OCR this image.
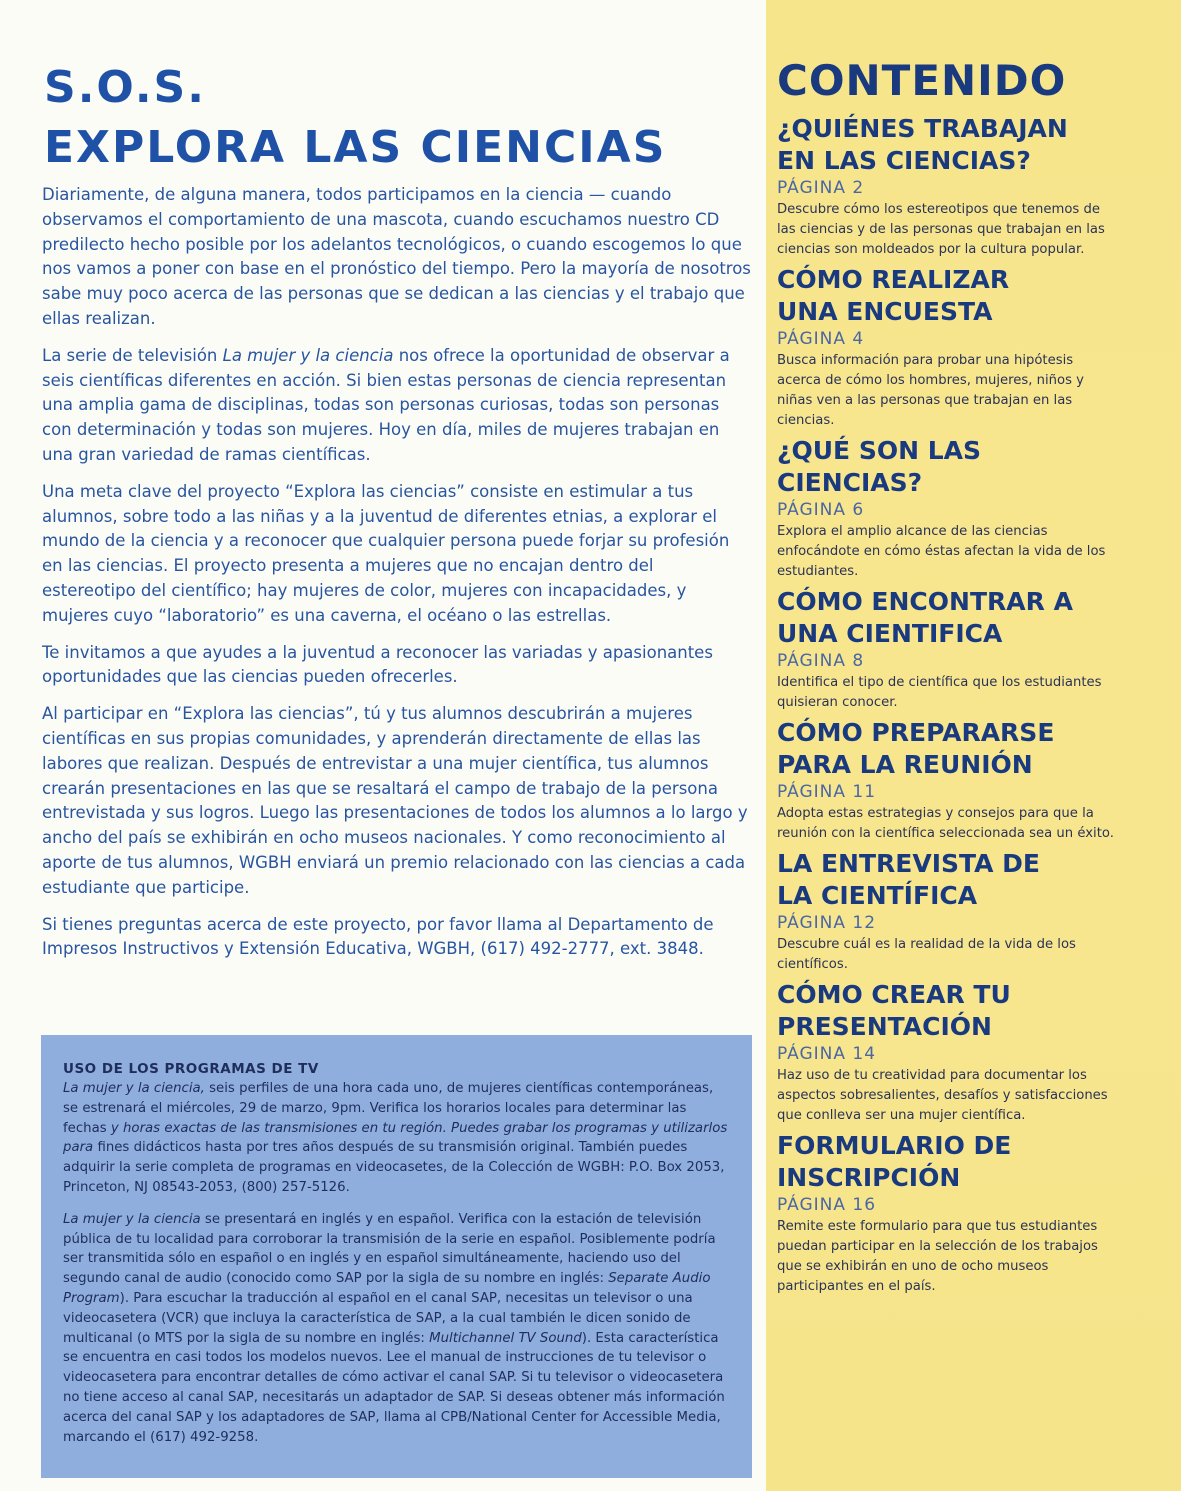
S.O.S.
EXPLORA LAS CIENCIAS

Diariamente, de alguna manera, todos participamos en la ciencia — cuando observamos el comportamiento de una mascota, cuando escuchamos nuestro CD predilecto hecho posible por los adelantos tecnológicos, o cuando escogemos lo que nos vamos a poner con base en el pronóstico del tiempo. Pero la mayoría de nosotros sabe muy poco acerca de las personas que se dedican a las ciencias y el trabajo que ellas realizan.

La serie de televisión La mujer y la ciencia nos ofrece la oportunidad de observar a seis científicas diferentes en acción. Si bien estas personas de ciencia representan una amplia gama de disciplinas, todas son personas curiosas, todas son personas con determinación y todas son mujeres. Hoy en día, miles de mujeres trabajan en una gran variedad de ramas científicas.

Una meta clave del proyecto “Explora las ciencias” consiste en estimular a tus alumnos, sobre todo a las niñas y a la juventud de diferentes etnias, a explorar el mundo de la ciencia y a reconocer que cualquier persona puede forjar su profesión en las ciencias. El proyecto presenta a mujeres que no encajan dentro del estereotipo del científico; hay mujeres de color, mujeres con incapacidades, y mujeres cuyo “laboratorio” es una caverna, el océano o las estrellas.

Te invitamos a que ayudes a la juventud a reconocer las variadas y apasionantes oportunidades que las ciencias pueden ofrecerles.

Al participar en “Explora las ciencias”, tú y tus alumnos descubrirán a mujeres científicas en sus propias comunidades, y aprenderán directamente de ellas las labores que realizan. Después de entrevistar a una mujer científica, tus alumnos crearán presentaciones en las que se resaltará el campo de trabajo de la persona entrevistada y sus logros. Luego las presentaciones de todos los alumnos a lo largo y ancho del país se exhibirán en ocho museos nacionales. Y como reconocimiento al aporte de tus alumnos, WGBH enviará un premio relacionado con las ciencias a cada estudiante que participe.

Si tienes preguntas acerca de este proyecto, por favor llama al Departamento de Impresos Instructivos y Extensión Educativa, WGBH, (617) 492-2777, ext. 3848.

USO DE LOS PROGRAMAS DE TV

La mujer y la ciencia, seis perfiles de una hora cada uno, de mujeres científicas contemporáneas, se estrenará el miércoles, 29 de marzo, 9pm. Verifica los horarios locales para determinar las fechas y horas exactas de las transmisiones en tu región. Puedes grabar los programas y utilizarlos para fines didácticos hasta por tres años después de su transmisión original. También puedes adquirir la serie completa de programas en videocasetes, de la Colección de WGBH: P.O. Box 2053, Princeton, NJ 08543-2053, (800) 257-5126.

La mujer y la ciencia se presentará en inglés y en español. Verifica con la estación de televisión pública de tu localidad para corroborar la transmisión de la serie en español. Posiblemente podría ser transmitida sólo en español o en inglés y en español simultáneamente, haciendo uso del segundo canal de audio (conocido como SAP por la sigla de su nombre en inglés: Separate Audio Program). Para escuchar la traducción al español en el canal SAP, necesitas un televisor o una videocasetera (VCR) que incluya la característica de SAP, a la cual también le dicen sonido de multicanal (o MTS por la sigla de su nombre en inglés: Multichannel TV Sound). Esta característica se encuentra en casi todos los modelos nuevos. Lee el manual de instrucciones de tu televisor o videocasetera para encontrar detalles de cómo activar el canal SAP. Si tu televisor o videocasetera no tiene acceso al canal SAP, necesitarás un adaptador de SAP. Si deseas obtener más información acerca del canal SAP y los adaptadores de SAP, llama al CPB/National Center for Accessible Media, marcando el (617) 492-9258.

CONTENIDO
¿QUIÉNES TRABAJAN
EN LAS CIENCIAS?
PÁGINA 2
Descubre cómo los estereotipos que tenemos de las ciencias y de las personas que trabajan en las ciencias son moldeados por la cultura popular.
CÓMO REALIZAR
UNA ENCUESTA
PÁGINA 4
Busca información para probar una hipótesis acerca de cómo los hombres, mujeres, niños y niñas ven a las personas que trabajan en las ciencias.
¿QUÉ SON LAS
CIENCIAS?
PÁGINA 6
Explora el amplio alcance de las ciencias enfocándote en cómo éstas afectan la vida de los estudiantes.
CÓMO ENCONTRAR A
UNA CIENTIFICA
PÁGINA 8
Identifica el tipo de científica que los estudiantes quisieran conocer.
CÓMO PREPARARSE
PARA LA REUNIÓN
PÁGINA 11
Adopta estas estrategias y consejos para que la reunión con la científica seleccionada sea un éxito.
LA ENTREVISTA DE
LA CIENTÍFICA
PÁGINA 12
Descubre cuál es la realidad de la vida de los científicos.
CÓMO CREAR TU
PRESENTACIÓN
PÁGINA 14
Haz uso de tu creatividad para documentar los aspectos sobresalientes, desafíos y satisfacciones que conlleva ser una mujer científica.
FORMULARIO DE
INSCRIPCIÓN
PÁGINA 16
Remite este formulario para que tus estudiantes puedan participar en la selección de los trabajos que se exhibirán en uno de ocho museos participantes en el país.
